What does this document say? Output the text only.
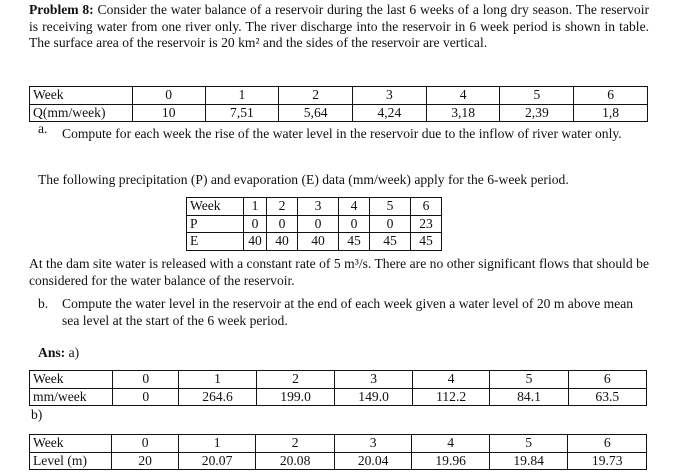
Problem 8: Consider the water balance of a reservoir during the last 6 weeks of a long dry season. The reservoir is receiving water from one river only. The river discharge into the reservoir in 6 week period is shown in table. The surface area of the reservoir is 20 km² and the sides of the reservoir are vertical.
Week	0	1	2	3	4	5	6
Q(mm/week)	10	7,51	5,64	4,24	3,18	2,39	1,8
a. Compute for each week the rise of the water level in the reservoir due to the inflow of river water only.
The following precipitation (P) and evaporation (E) data (mm/week) apply for the 6-week period.
Week	1	2	3	4	5	6
P	0	0	0	0	0	23
E	40	40	40	45	45	45
At the dam site water is released with a constant rate of 5 m³/s. There are no other significant flows that should be considered for the water balance of the reservoir.
b. Compute the water level in the reservoir at the end of each week given a water level of 20 m above mean sea level at the start of the 6 week period.
Ans: a)
Week	0	1	2	3	4	5	6
mm/week	0	264.6	199.0	149.0	112.2	84.1	63.5
b)
Week	0	1	2	3	4	5	6
Level (m)	20	20.07	20.08	20.04	19.96	19.84	19.73
